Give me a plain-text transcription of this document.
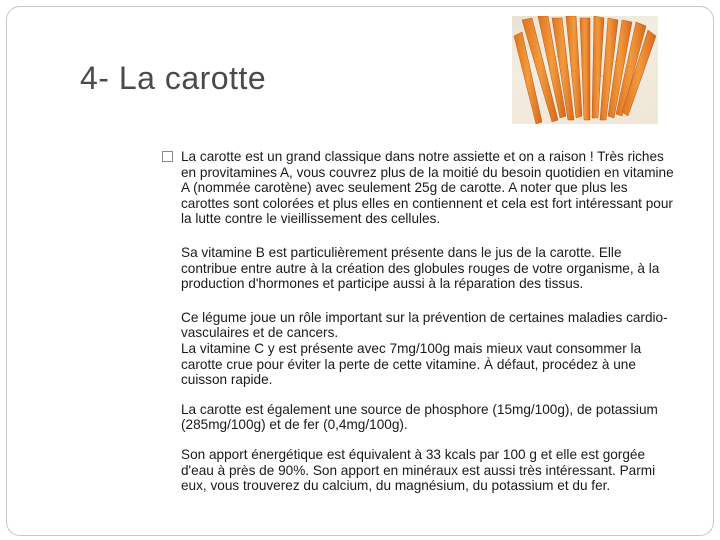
4- La carotte

La carotte est un grand classique dans notre assiette et on a raison ! Très riches en provitamines A, vous couvrez plus de la moitié du besoin quotidien en vitamine A (nommée carotène) avec seulement 25g de carotte. A noter que plus les carottes sont colorées et plus elles en contiennent et cela est fort intéressant pour la lutte contre le vieillissement des cellules.

Sa vitamine B est particulièrement présente dans le jus de la carotte. Elle contribue entre autre à la création des globules rouges de votre organisme, à la production d'hormones et participe aussi à la réparation des tissus.

Ce légume joue un rôle important sur la prévention de certaines maladies cardio-vasculaires et de cancers.
La vitamine C y est présente avec 7mg/100g mais mieux vaut consommer la carotte crue pour éviter la perte de cette vitamine. À défaut, procédez à une cuisson rapide.

La carotte est également une source de phosphore (15mg/100g), de potassium (285mg/100g) et de fer (0,4mg/100g).

Son apport énergétique est équivalent à 33 kcals par 100 g et elle est gorgée d'eau à près de 90%. Son apport en minéraux est aussi très intéressant. Parmi eux, vous trouverez du calcium, du magnésium, du potassium et du fer.
